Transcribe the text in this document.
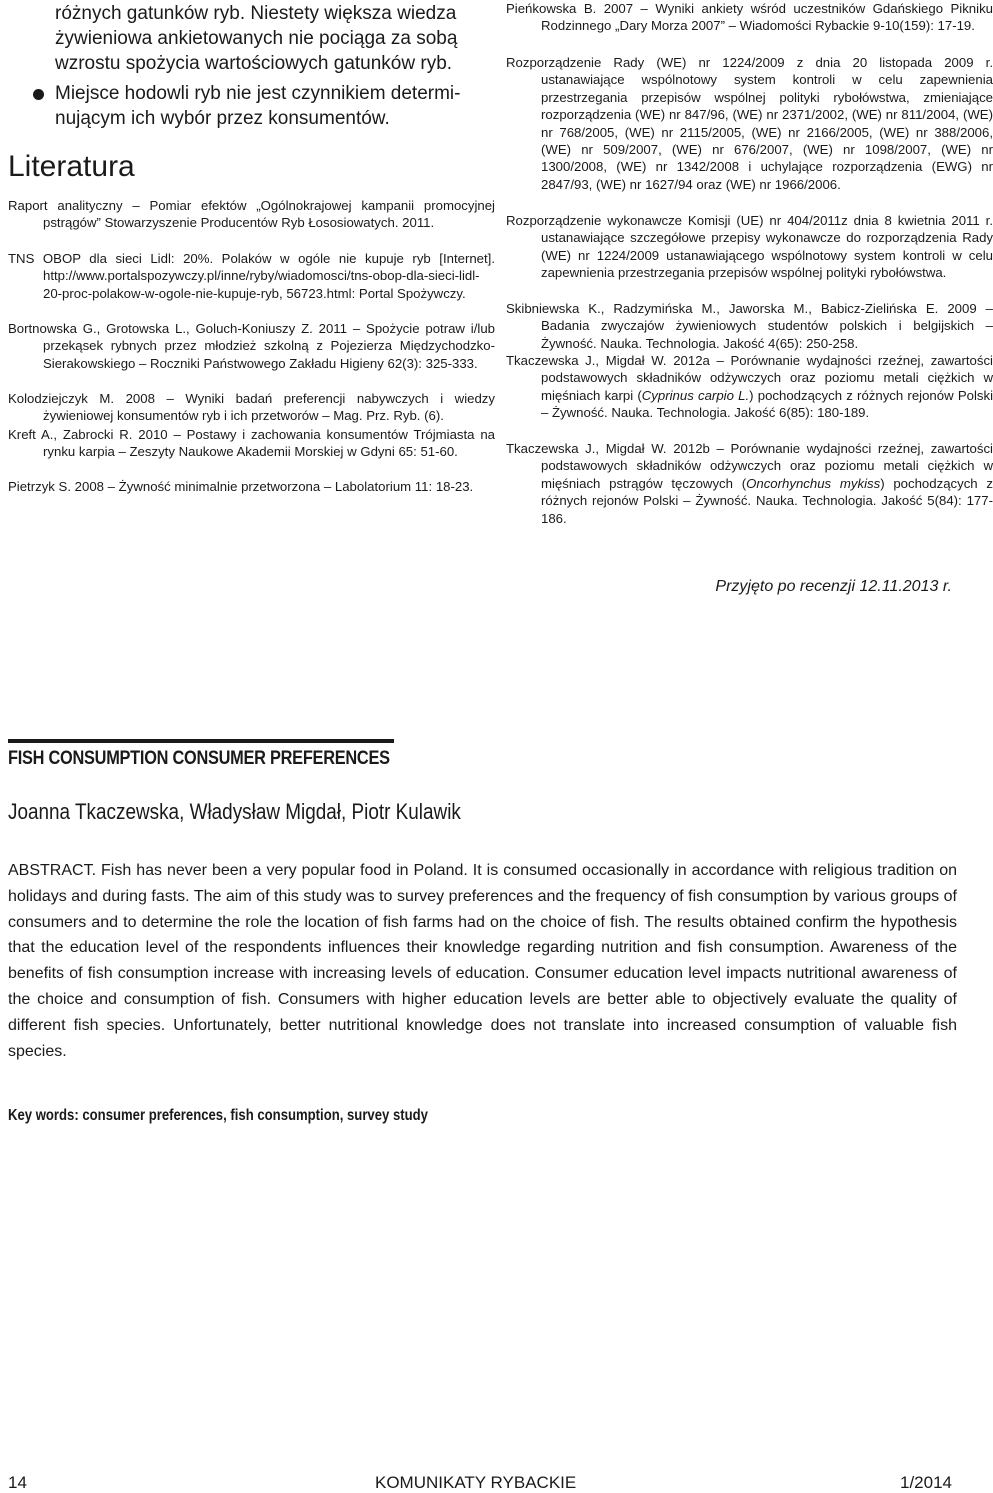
różnych gatunków ryb. Niestety większa wiedza
żywieniowa ankietowanych nie pociąga za sobą
wzrostu spożycia wartościowych gatunków ryb.
Miejsce hodowli ryb nie jest czynnikiem determi-
nującym ich wybór przez konsumentów.
Literatura
Raport analityczny – Pomiar efektów „Ogólnokrajowej kampanii promocyjnej pstrągów” Stowarzyszenie Producentów Ryb Łososiowatych. 2011.
TNS OBOP dla sieci Lidl: 20%. Polaków w ogóle nie kupuje ryb [Internet]. http://www.portalspozywczy.pl/inne/ryby/wiadomosci/tns-obop-dla-sieci-lidl-20-proc-polakow-w-ogole-nie-kupuje-ryb, 56723.html: Portal Spożywczy.
Bortnowska G., Grotowska L., Goluch-Koniuszy Z. 2011 – Spożycie potraw i/lub przekąsek rybnych przez młodzież szkolną z Pojezierza Międzychodzko-Sierakowskiego – Roczniki Państwowego Zakładu Higieny 62(3): 325-333.
Kolodziejczyk M. 2008 – Wyniki badań preferencji nabywczych i wiedzy żywieniowej konsumentów ryb i ich przetworów – Mag. Prz. Ryb. (6).
Kreft A., Zabrocki R. 2010 – Postawy i zachowania konsumentów Trójmiasta na rynku karpia – Zeszyty Naukowe Akademii Morskiej w Gdyni 65: 51-60.
Pietrzyk S. 2008 – Żywność minimalnie przetworzona – Labolatorium 11: 18-23.
Pieńkowska B. 2007 – Wyniki ankiety wśród uczestników Gdańskiego Pikniku Rodzinnego „Dary Morza 2007” – Wiadomości Rybackie 9-10(159): 17-19.
Rozporządzenie Rady (WE) nr 1224/2009 z dnia 20 listopada 2009 r. ustanawiające wspólnotowy system kontroli w celu zapewnienia przestrzegania przepisów wspólnej polityki rybołówstwa, zmieniające rozporządzenia (WE) nr 847/96, (WE) nr 2371/2002, (WE) nr 811/2004, (WE) nr 768/2005, (WE) nr 2115/2005, (WE) nr 2166/2005, (WE) nr 388/2006, (WE) nr 509/2007, (WE) nr 676/2007, (WE) nr 1098/2007, (WE) nr 1300/2008, (WE) nr 1342/2008 i uchylające rozporządzenia (EWG) nr 2847/93, (WE) nr 1627/94 oraz (WE) nr 1966/2006.
Rozporządzenie wykonawcze Komisji (UE) nr 404/2011z dnia 8 kwietnia 2011 r. ustanawiające szczegółowe przepisy wykonawcze do rozporządzenia Rady (WE) nr 1224/2009 ustanawiającego wspólnotowy system kontroli w celu zapewnienia przestrzegania przepisów wspólnej polityki rybołówstwa.
Skibniewska K., Radzymińska M., Jaworska M., Babicz-Zielińska E. 2009 – Badania zwyczajów żywieniowych studentów polskich i belgijskich – Żywność. Nauka. Technologia. Jakość 4(65): 250-258.
Tkaczewska J., Migdał W. 2012a – Porównanie wydajności rzeźnej, zawartości podstawowych składników odżywczych oraz poziomu metali ciężkich w mięśniach karpi (Cyprinus carpio L.) pochodzących z różnych rejonów Polski – Żywność. Nauka. Technologia. Jakość 6(85): 180-189.
Tkaczewska J., Migdał W. 2012b – Porównanie wydajności rzeźnej, zawartości podstawowych składników odżywczych oraz poziomu metali ciężkich w mięśniach pstrągów tęczowych (Oncorhynchus mykiss) pochodzących z różnych rejonów Polski – Żywność. Nauka. Technologia. Jakość 5(84): 177-186.
Przyjęto po recenzji 12.11.2013 r.
FISH CONSUMPTION CONSUMER PREFERENCES
Joanna Tkaczewska, Władysław Migdał, Piotr Kulawik

ABSTRACT. Fish has never been a very popular food in Poland. It is consumed occasionally in accordance with religious tradition on holidays and during fasts. The aim of this study was to survey preferences and the frequency of fish consumption by various groups of consumers and to determine the role the location of fish farms had on the choice of fish. The results obtained confirm the hypothesis that the education level of the respondents influences their knowledge regarding nutrition and fish consumption. Awareness of the benefits of fish consumption increase with increasing levels of education. Consumer education level impacts nutritional awareness of the choice and consumption of fish. Consumers with higher education levels are better able to objectively evaluate the quality of different fish species. Unfortunately, better nutritional knowledge does not translate into increased consumption of valuable fish species.

Key words: consumer preferences, fish consumption, survey study
14	KOMUNIKATY RYBACKIE	1/2014
